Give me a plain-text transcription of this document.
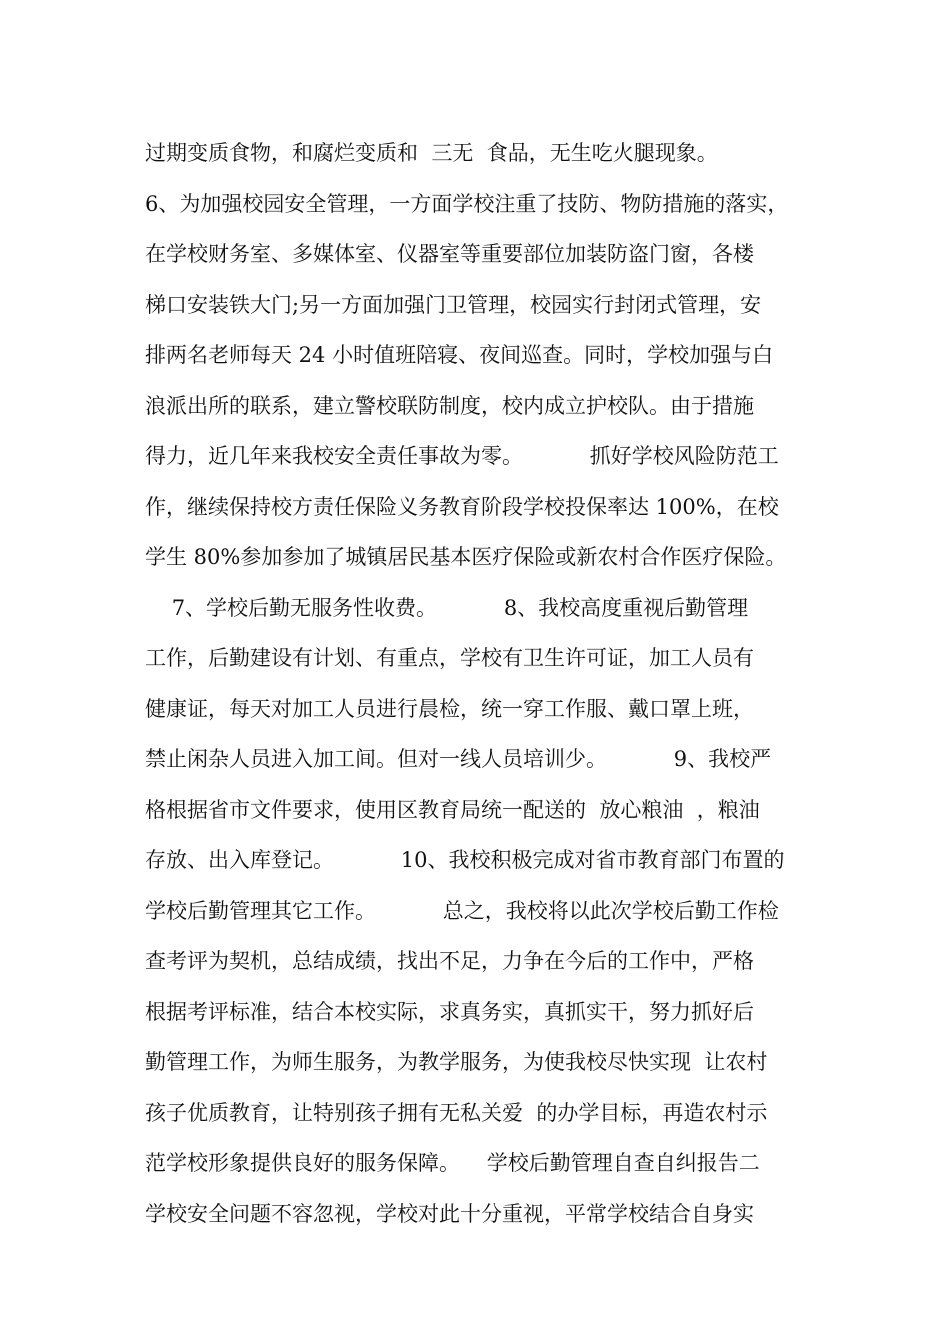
过期变质食物，和腐烂变质和  三无  食品，无生吃火腿现象。
6、为加强校园安全管理，一方面学校注重了技防、物防措施的落实，
在学校财务室、多媒体室、仪器室等重要部位加装防盗门窗，各楼
梯口安装铁大门;另一方面加强门卫管理，校园实行封闭式管理，安
排两名老师每天 24 小时值班陪寝、夜间巡查。同时，学校加强与白
浪派出所的联系，建立警校联防制度，校内成立护校队。由于措施
得力，近几年来我校安全责任事故为零。          抓好学校风险防范工
作，继续保持校方责任保险义务教育阶段学校投保率达 100%，在校
学生 80%参加参加了城镇居民基本医疗保险或新农村合作医疗保险。
7、学校后勤无服务性收费。          8、我校高度重视后勤管理
工作，后勤建设有计划、有重点，学校有卫生许可证，加工人员有
健康证，每天对加工人员进行晨检，统一穿工作服、戴口罩上班，
禁止闲杂人员进入加工间。但对一线人员培训少。          9、我校严
格根据省市文件要求，使用区教育局统一配送的  放心粮油  ，粮油
存放、出入库登记。          10、我校积极完成对省市教育部门布置的
学校后勤管理其它工作。          总之，我校将以此次学校后勤工作检
查考评为契机，总结成绩，找出不足，力争在今后的工作中，严格
根据考评标准，结合本校实际，求真务实，真抓实干，努力抓好后
勤管理工作，为师生服务，为教学服务，为使我校尽快实现  让农村
孩子优质教育，让特别孩子拥有无私关爱  的办学目标，再造农村示
范学校形象提供良好的服务保障。    学校后勤管理自查自纠报告二
学校安全问题不容忽视，学校对此十分重视，平常学校结合自身实
